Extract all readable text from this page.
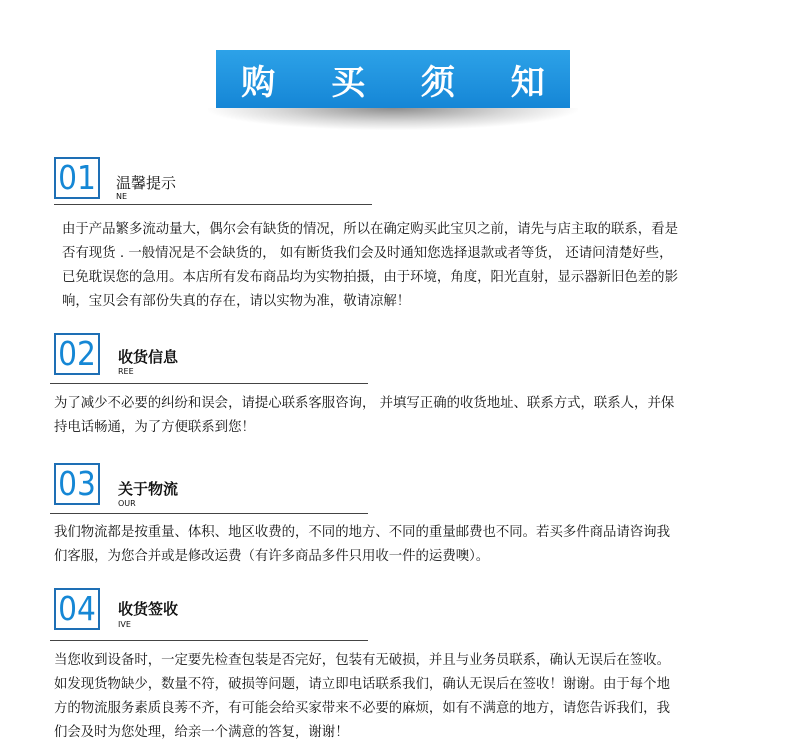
购 买 须 知
01 温馨提示
NE
由于产品繁多流动量大，偶尔会有缺货的情况，所以在确定购买此宝贝之前，请先与店主取的联系，看是
否有现货 . 一般情况是不会缺货的， 如有断货我们会及时通知您选择退款或者等货， 还请问清楚好些，
已免耽误您的急用。本店所有发布商品均为实物拍摄，由于环境，角度，阳光直射，显示器新旧色差的影
响，宝贝会有部份失真的存在，请以实物为准，敬请凉解！
02 收货信息
REE
为了减少不必要的纠纷和误会，请提心联系客服咨询， 并填写正确的收货地址、联系方式，联系人，并保
持电话畅通，为了方便联系到您！
03 关于物流
OUR
我们物流都是按重量、体积、地区收费的，不同的地方、不同的重量邮费也不同。若买多件商品请咨询我
们客服，为您合并或是修改运费（有许多商品多件只用收一件的运费噢）。
04 收货签收
IVE
当您收到设备时，一定要先检查包装是否完好，包装有无破损，并且与业务员联系，确认无误后在签收。
如发现货物缺少，数量不符，破损等问题，请立即电话联系我们，确认无误后在签收！谢谢。由于每个地
方的物流服务素质良莠不齐，有可能会给买家带来不必要的麻烦，如有不满意的地方，请您告诉我们，我
们会及时为您处理，给亲一个满意的答复，谢谢！
